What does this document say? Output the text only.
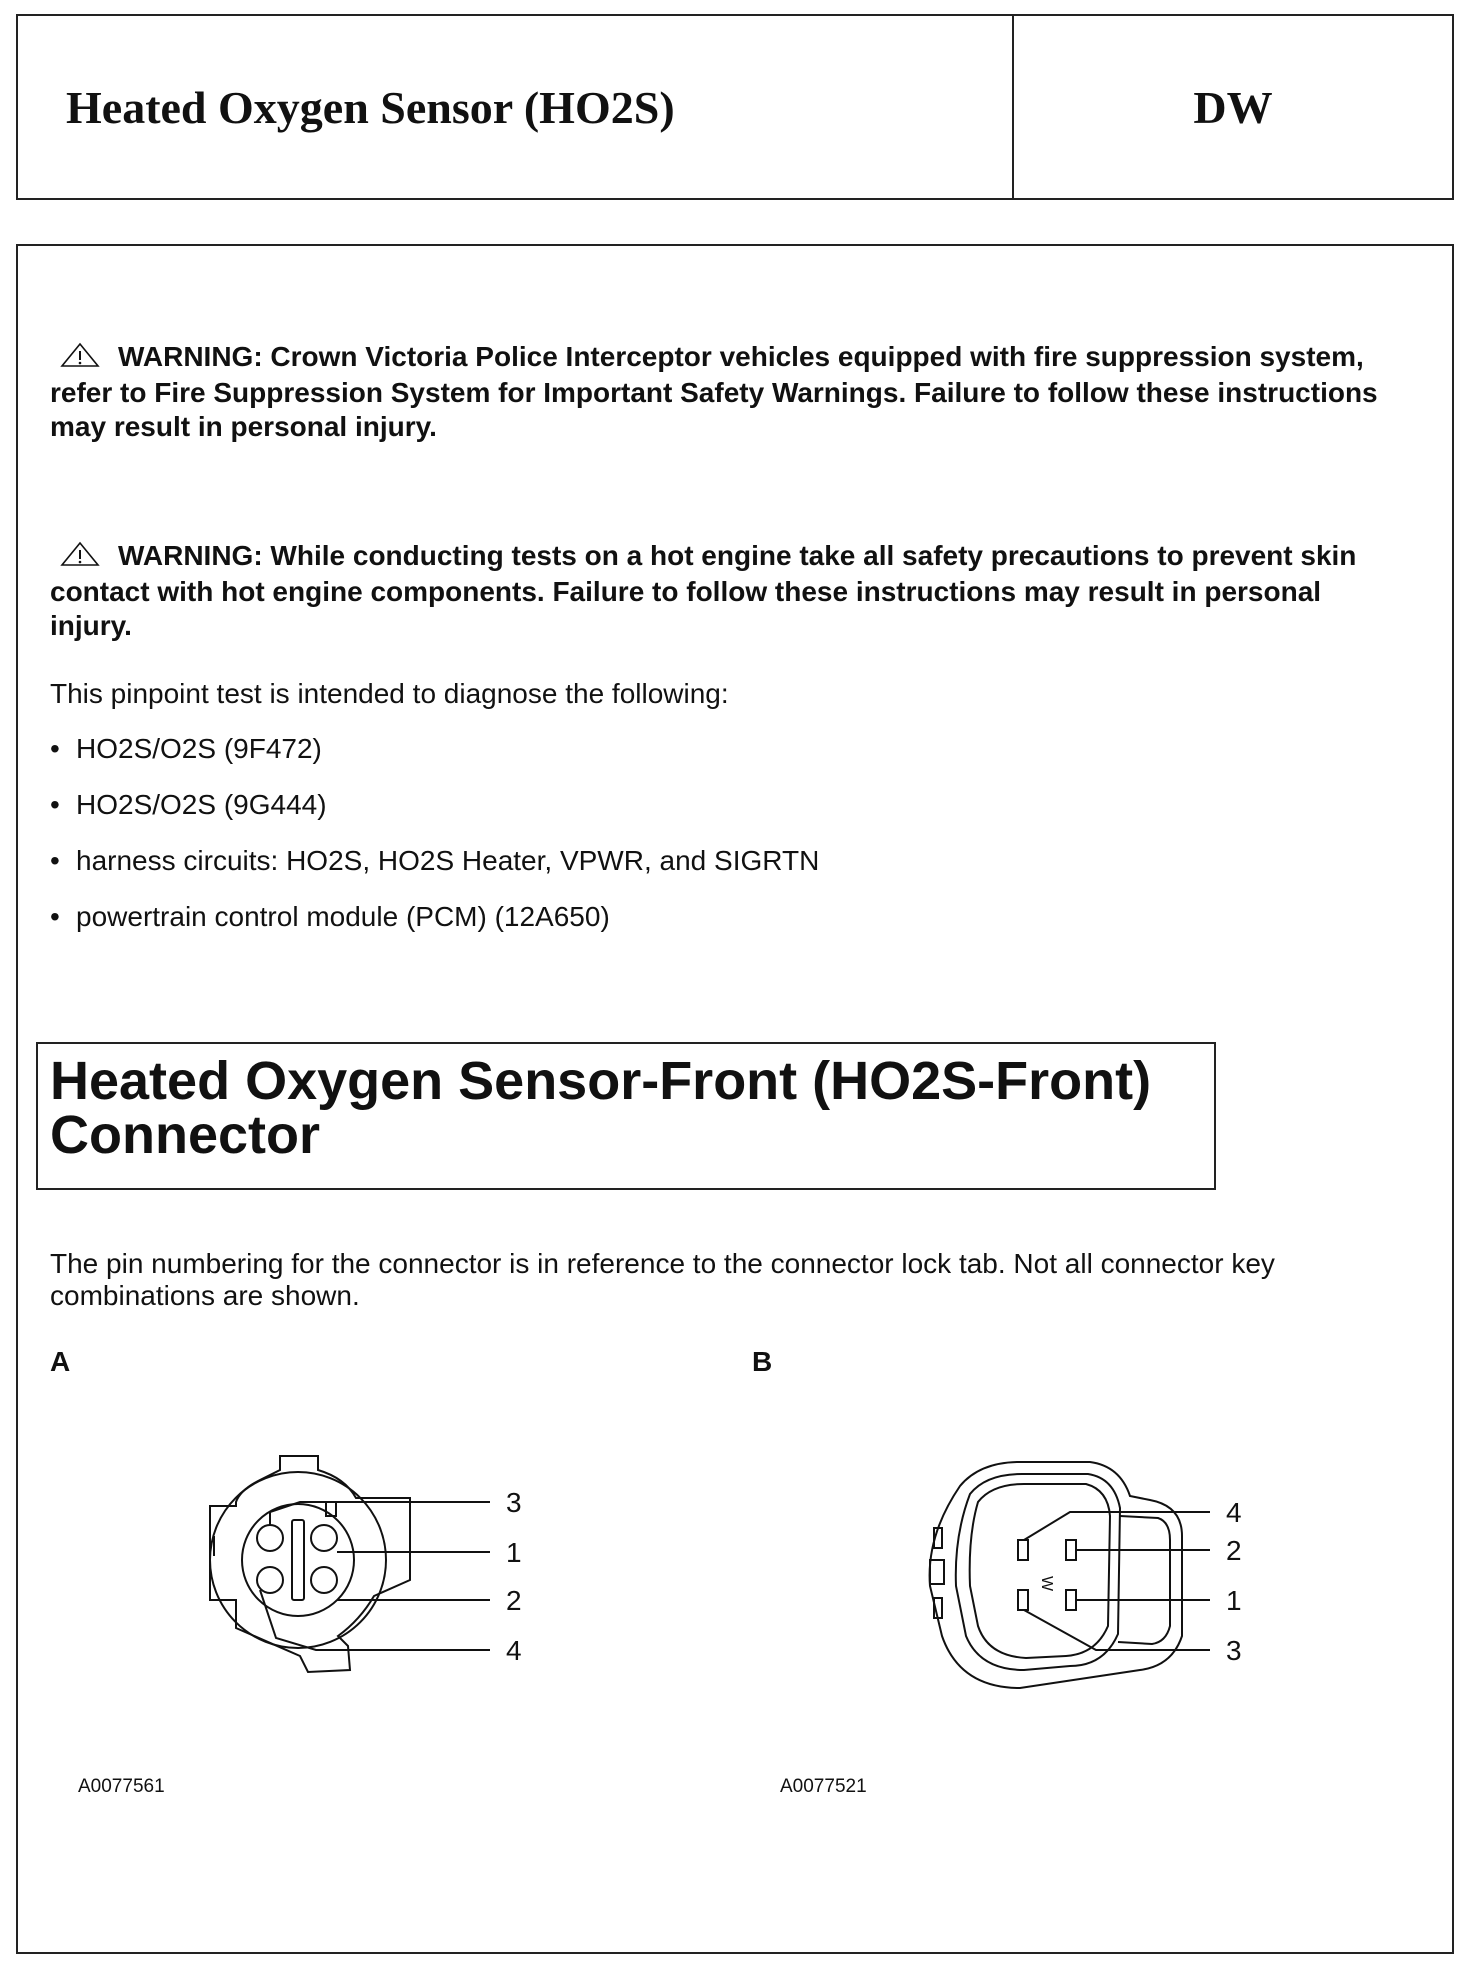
Heated Oxygen Sensor (HO2S)	DW
WARNING: Crown Victoria Police Interceptor vehicles equipped with fire suppression system, refer to Fire Suppression System for Important Safety Warnings. Failure to follow these instructions may result in personal injury.
WARNING: While conducting tests on a hot engine take all safety precautions to prevent skin contact with hot engine components. Failure to follow these instructions may result in personal injury.
This pinpoint test is intended to diagnose the following:
• HO2S/O2S (9F472)
• HO2S/O2S (9G444)
• harness circuits: HO2S, HO2S Heater, VPWR, and SIGRTN
• powertrain control module (PCM) (12A650)
Heated Oxygen Sensor-Front (HO2S-Front) Connector
The pin numbering for the connector is in reference to the connector lock tab. Not all connector key combinations are shown.
A	B
3
1
2
4
W
4
2
1
3
A0077561	A0077521
